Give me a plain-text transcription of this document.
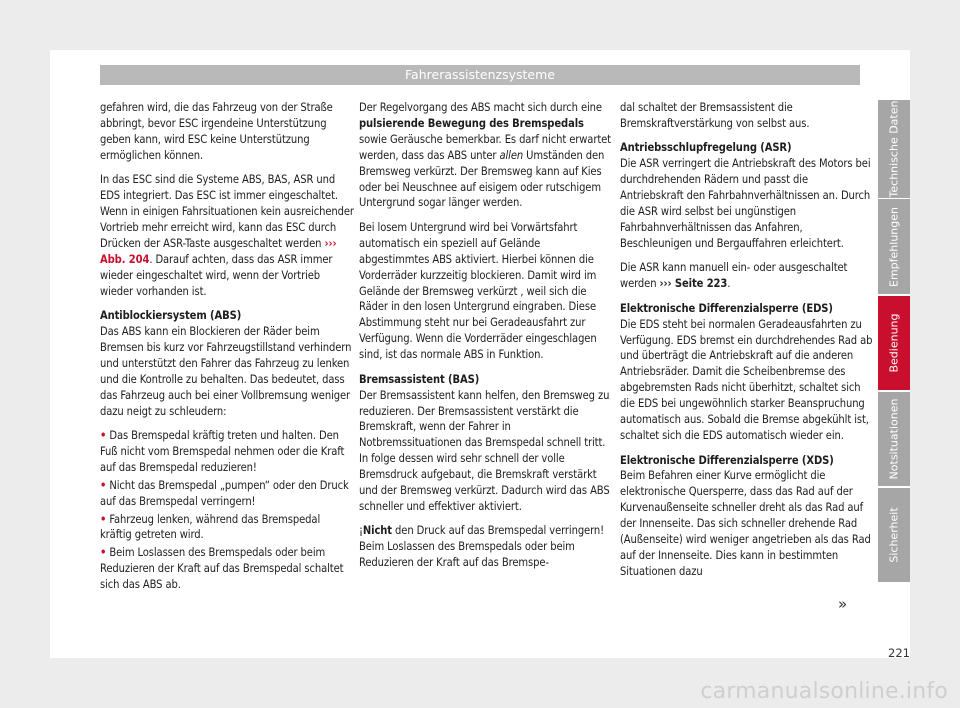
Fahrerassistenzsysteme

gefahren wird, die das Fahrzeug von der Straße abbringt, bevor ESC irgendeine Unterstützung geben kann, wird ESC keine Unterstützung ermöglichen können.

In das ESC sind die Systeme ABS, BAS, ASR und EDS integriert. Das ESC ist immer eingeschaltet. Wenn in einigen Fahrsituationen kein ausreichender Vortrieb mehr erreicht wird, kann das ESC durch Drücken der ASR-Taste ausgeschaltet werden ››› Abb. 204. Darauf achten, dass das ASR immer wieder eingeschaltet wird, wenn der Vortrieb wieder vorhanden ist.

Antiblockiersystem (ABS)

Das ABS kann ein Blockieren der Räder beim Bremsen bis kurz vor Fahrzeugstillstand verhindern und unterstützt den Fahrer das Fahrzeug zu lenken und die Kontrolle zu behalten. Das bedeutet, dass das Fahrzeug auch bei einer Vollbremsung weniger dazu neigt zu schleudern:

• Das Bremspedal kräftig treten und halten. Den Fuß nicht vom Bremspedal nehmen oder die Kraft auf das Bremspedal reduzieren!

• Nicht das Bremspedal „pumpen“ oder den Druck auf das Bremspedal verringern!

• Fahrzeug lenken, während das Bremspedal kräftig getreten wird.

• Beim Loslassen des Bremspedals oder beim Reduzieren der Kraft auf das Bremspedal schaltet sich das ABS ab.

Der Regelvorgang des ABS macht sich durch eine pulsierende Bewegung des Bremspedals sowie Geräusche bemerkbar. Es darf nicht erwartet werden, dass das ABS unter allen Umständen den Bremsweg verkürzt. Der Bremsweg kann auf Kies oder bei Neuschnee auf eisigem oder rutschigem Untergrund sogar länger werden.

Bei losem Untergrund wird bei Vorwärtsfahrt automatisch ein speziell auf Gelände abgestimmtes ABS aktiviert. Hierbei können die Vorderräder kurzzeitig blockieren. Damit wird im Gelände der Bremsweg verkürzt , weil sich die Räder in den losen Untergrund eingraben. Diese Abstimmung steht nur bei Geradeausfahrt zur Verfügung. Wenn die Vorderräder eingeschlagen sind, ist das normale ABS in Funktion.

Bremsassistent (BAS)

Der Bremsassistent kann helfen, den Bremsweg zu reduzieren. Der Bremsassistent verstärkt die Bremskraft, wenn der Fahrer in Notbremssituationen das Bremspedal schnell tritt. In folge dessen wird sehr schnell der volle Bremsdruck aufgebaut, die Bremskraft verstärkt und der Bremsweg verkürzt. Dadurch wird das ABS schneller und effektiver aktiviert.

¡Nicht den Druck auf das Bremspedal verringern! Beim Loslassen des Bremspedals oder beim Reduzieren der Kraft auf das Bremspe-

dal schaltet der Bremsassistent die Bremskraftverstärkung von selbst aus.

Antriebsschlupfregelung (ASR)

Die ASR verringert die Antriebskraft des Motors bei durchdrehenden Rädern und passt die Antriebskraft den Fahrbahnverhältnissen an. Durch die ASR wird selbst bei ungünstigen Fahrbahnverhältnissen das Anfahren, Beschleunigen und Bergauffahren erleichtert.

Die ASR kann manuell ein- oder ausgeschaltet werden ››› Seite 223.

Elektronische Differenzialsperre (EDS)

Die EDS steht bei normalen Geradeausfahrten zu Verfügung. EDS bremst ein durchdrehendes Rad ab und überträgt die Antriebskraft auf die anderen Antriebsräder. Damit die Scheibenbremse des abgebremsten Rads nicht überhitzt, schaltet sich die EDS bei ungewöhnlich starker Beanspruchung automatisch aus. Sobald die Bremse abgekühlt ist, schaltet sich die EDS automatisch wieder ein.

Elektronische Differenzialsperre (XDS)

Beim Befahren einer Kurve ermöglicht die elektronische Quersperre, dass das Rad auf der Kurvenaußenseite schneller dreht als das Rad auf der Innenseite. Das sich schneller drehende Rad (Außenseite) wird weniger angetrieben als das Rad auf der Innenseite. Dies kann in bestimmten Situationen dazu

»
Technische Daten
Empfehlungen
Bedienung
Notsituationen
Sicherheit
221
carmanualsonline.info
